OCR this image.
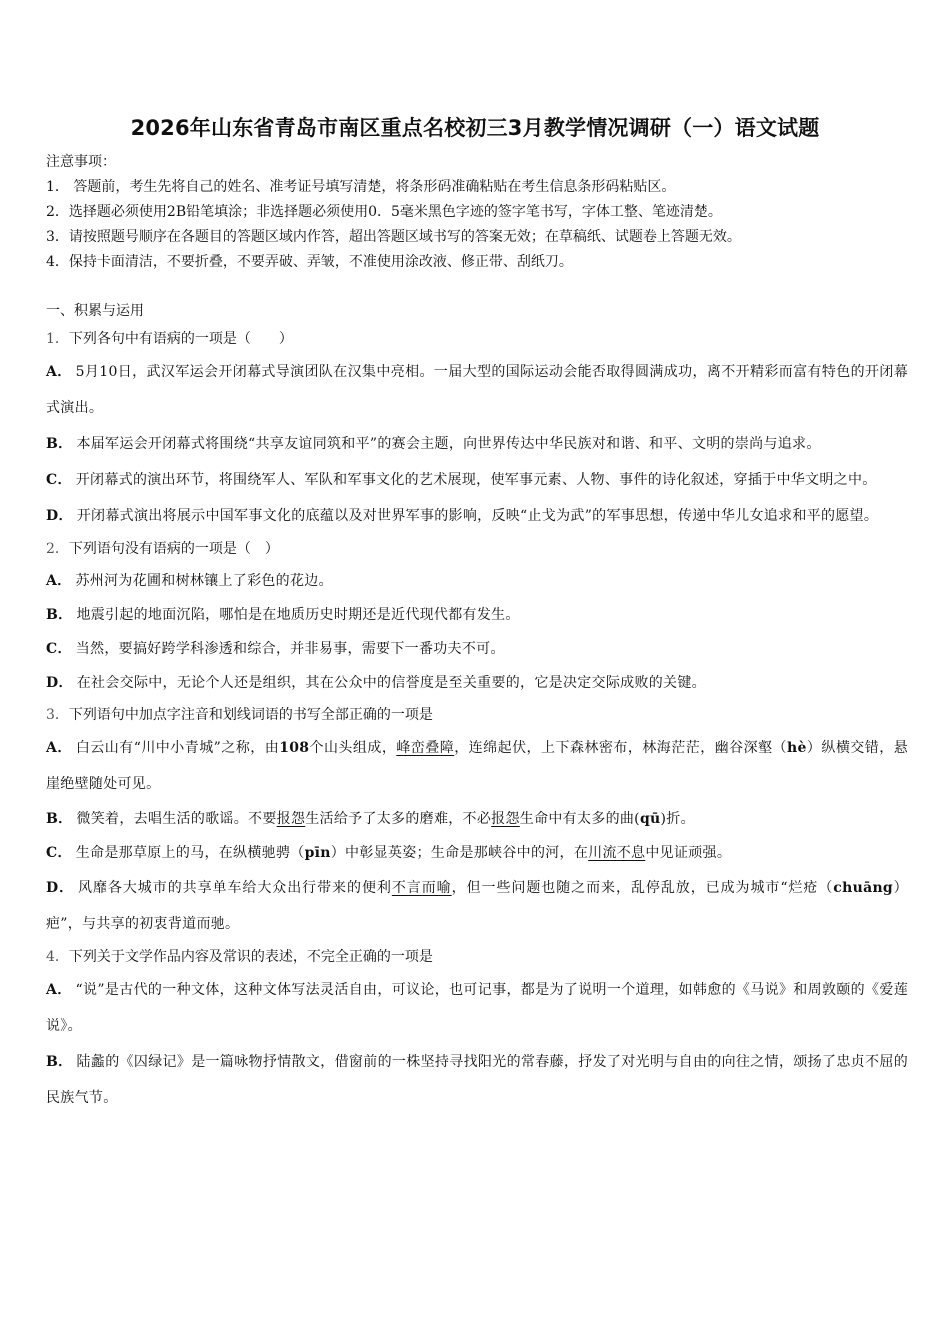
2026年山东省青岛市南区重点名校初三3月教学情况调研（一）语文试题

注意事项：

1． 答题前，考生先将自己的姓名、准考证号填写清楚，将条形码准确粘贴在考生信息条形码粘贴区。

2．选择题必须使用2B铅笔填涂；非选择题必须使用0．5毫米黑色字迹的签字笔书写，字体工整、笔迹清楚。

3．请按照题号顺序在各题目的答题区域内作答，超出答题区域书写的答案无效；在草稿纸、试题卷上答题无效。

4．保持卡面清洁，不要折叠，不要弄破、弄皱，不准使用涂改液、修正带、刮纸刀。

一、积累与运用

1．下列各句中有语病的一项是（　　）

A． 5月10日，武汉军运会开闭幕式导演团队在汉集中亮相。一届大型的国际运动会能否取得圆满成功，离不开精彩而富有特色的开闭幕式演出。

B． 本届军运会开闭幕式将围绕“共享友谊同筑和平”的赛会主题，向世界传达中华民族对和谐、和平、文明的崇尚与追求。

C． 开闭幕式的演出环节，将围绕军人、军队和军事文化的艺术展现，使军事元素、人物、事件的诗化叙述，穿插于中华文明之中。

D． 开闭幕式演出将展示中国军事文化的底蕴以及对世界军事的影响，反映“止戈为武”的军事思想，传递中华儿女追求和平的愿望。

2．下列语句没有语病的一项是（　）

A． 苏州河为花圃和树林镶上了彩色的花边。

B． 地震引起的地面沉陷，哪怕是在地质历史时期还是近代现代都有发生。

C． 当然，要搞好跨学科渗透和综合，并非易事，需要下一番功夫不可。

D． 在社会交际中，无论个人还是组织，其在公众中的信誉度是至关重要的，它是决定交际成败的关键。

3．下列语句中加点字注音和划线词语的书写全部正确的一项是

A． 白云山有“川中小青城”之称，由108个山头组成，峰峦叠障，连绵起伏，上下森林密布，林海茫茫，幽谷深壑（hè）纵横交错，悬崖绝壁随处可见。

B． 微笑着，去唱生活的歌谣。不要报怨生活给予了太多的磨难，不必报怨生命中有太多的曲(qū)折。

C． 生命是那草原上的马，在纵横驰骋（pīn）中彰显英姿；生命是那峡谷中的河，在川流不息中见证顽强。

D． 风靡各大城市的共享单车给大众出行带来的便利不言而喻，但一些问题也随之而来，乱停乱放，已成为城市“烂疮（chuāng）疤”，与共享的初衷背道而驰。

4．下列关于文学作品内容及常识的表述，不完全正确的一项是

A． “说”是古代的一种文体，这种文体写法灵活自由，可议论，也可记事，都是为了说明一个道理，如韩愈的《马说》和周敦颐的《爱莲说》。

B． 陆蠡的《囚绿记》是一篇咏物抒情散文，借窗前的一株坚持寻找阳光的常春藤，抒发了对光明与自由的向往之情，颂扬了忠贞不屈的民族气节。
